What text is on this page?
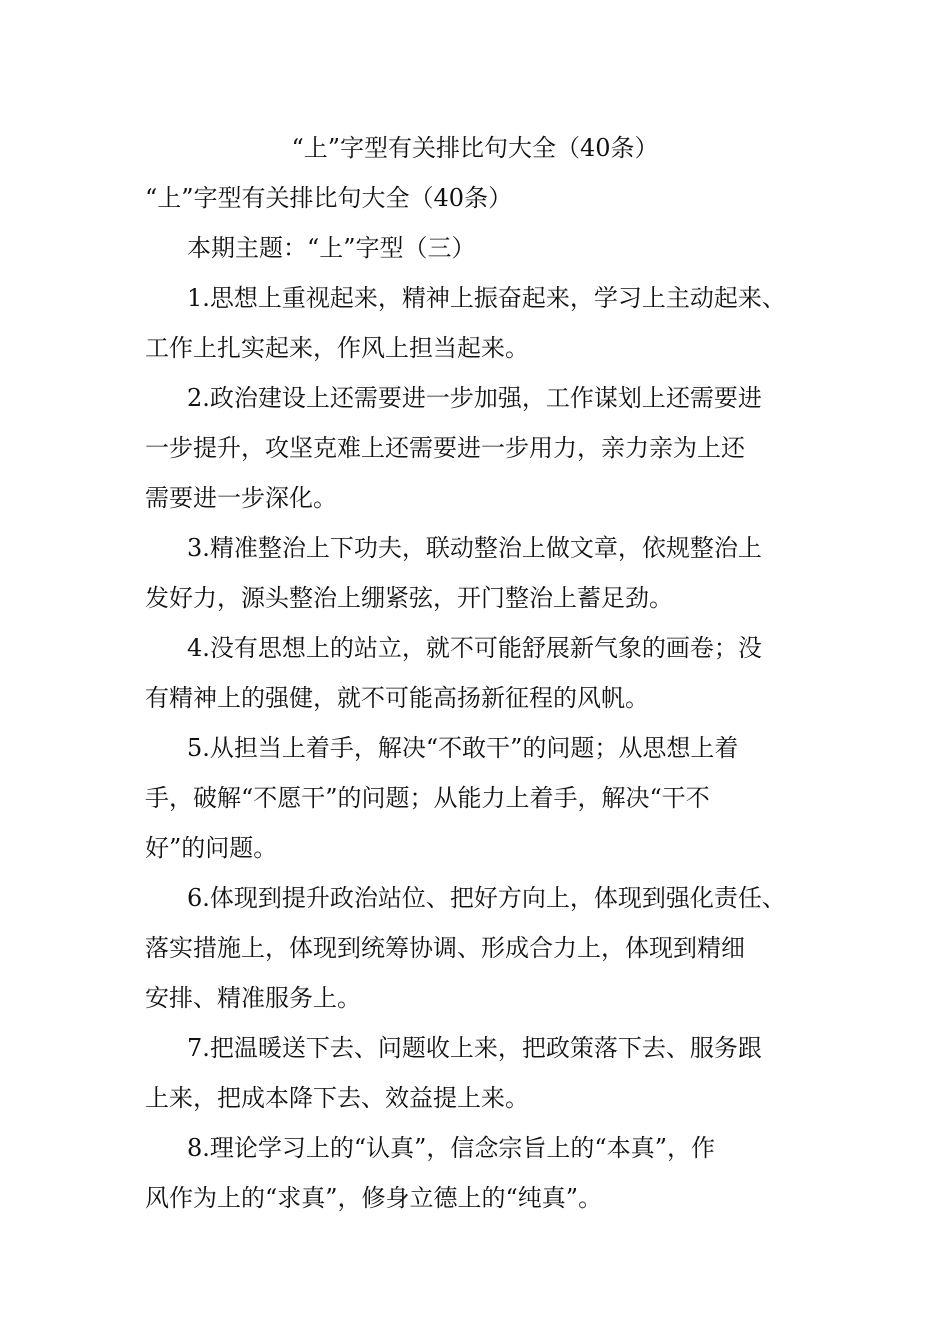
“上”字型有关排比句大全（40条）

“上”字型有关排比句大全（40条）

本期主题：“上”字型（三）

1.思想上重视起来，精神上振奋起来，学习上主动起来、

工作上扎实起来，作风上担当起来。

2.政治建设上还需要进一步加强，工作谋划上还需要进

一步提升，攻坚克难上还需要进一步用力，亲力亲为上还

需要进一步深化。

3.精准整治上下功夫，联动整治上做文章，依规整治上

发好力，源头整治上绷紧弦，开门整治上蓄足劲。

4.没有思想上的站立，就不可能舒展新气象的画卷；没

有精神上的强健，就不可能高扬新征程的风帆。

5.从担当上着手，解决“不敢干”的问题；从思想上着

手，破解“不愿干”的问题；从能力上着手，解决“干不

好”的问题。

6.体现到提升政治站位、把好方向上，体现到强化责任、

落实措施上，体现到统筹协调、形成合力上，体现到精细

安排、精准服务上。

7.把温暖送下去、问题收上来，把政策落下去、服务跟

上来，把成本降下去、效益提上来。

8.理论学习上的“认真”，信念宗旨上的“本真”，作

风作为上的“求真”，修身立德上的“纯真”。
